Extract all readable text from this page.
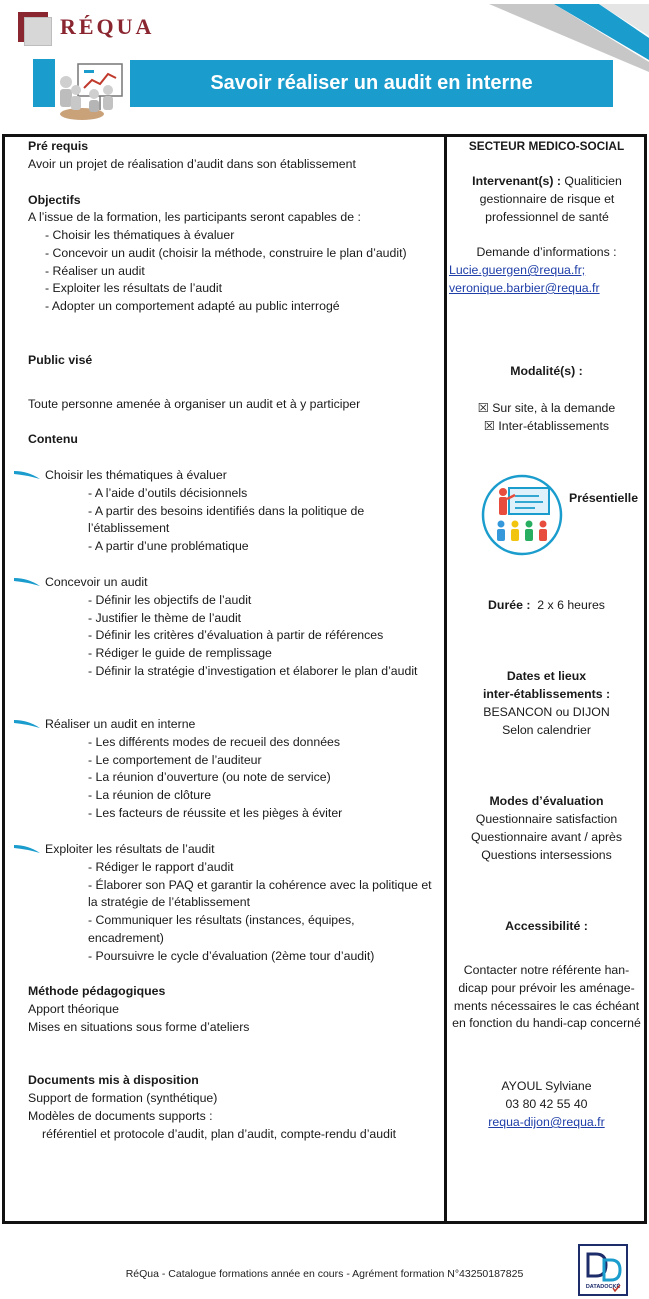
RÉQUA
Savoir réaliser un audit en interne
Pré requis
Avoir un projet de réalisation d’audit dans son établissement
Objectifs
A l’issue de la formation, les participants seront capables de :
- Choisir les thématiques à évaluer
- Concevoir un audit (choisir la méthode, construire le plan d’audit)
- Réaliser un audit
- Exploiter les résultats de l’audit
- Adopter un comportement adapté au public interrogé
Public visé
Toute personne amenée à organiser un audit et à y participer
Contenu
Choisir les thématiques à évaluer
- A l’aide d’outils décisionnels
- A partir des besoins identifiés dans la politique de l’établissement
- A partir d’une problématique
Concevoir un audit
- Définir les objectifs de l’audit
- Justifier le thème de l’audit
- Définir les critères d’évaluation à partir de références
- Rédiger le guide de remplissage
- Définir la stratégie d’investigation et élaborer le plan d’audit
Réaliser un audit en interne
- Les différents modes de recueil des données
- Le comportement de l’auditeur
- La réunion d’ouverture (ou note de service)
- La réunion de clôture
- Les facteurs de réussite et les pièges à éviter
Exploiter les résultats de l’audit
- Rédiger le rapport d’audit
- Élaborer son PAQ et garantir la cohérence avec la politique et la stratégie de l’établissement
- Communiquer les résultats (instances, équipes, encadrement)
- Poursuivre le cycle d’évaluation (2ème tour d’audit)
Méthode pédagogiques
Apport théorique
Mises en situations sous forme d’ateliers
Documents mis à disposition
Support de formation (synthétique)
Modèles de documents supports :
référentiel et protocole d’audit, plan d’audit, compte-rendu d’audit
SECTEUR MEDICO-SOCIAL
Intervenant(s) : Qualiticien gestionnaire de risque et professionnel de santé
Demande d’informations :
Lucie.guergen@requa.fr;
veronique.barbier@requa.fr
Modalité(s) :
☒ Sur site, à la demande
☒ Inter-établissements
Présentielle
Durée : 2 x 6 heures
Dates et lieux
inter-établissements :
BESANCON ou DIJON
Selon calendrier
Modes d’évaluation
Questionnaire satisfaction
Questionnaire avant / après
Questions intersessions
Accessibilité :
Contacter notre référente han-dicap pour prévoir les aménage-ments nécessaires le cas échéant en fonction du handi-cap concerné
AYOUL Sylviane
03 80 42 55 40
requa-dijon@requa.fr
RéQua - Catalogue formations année en cours - Agrément formation N°43250187825
DATADOCKÉ
